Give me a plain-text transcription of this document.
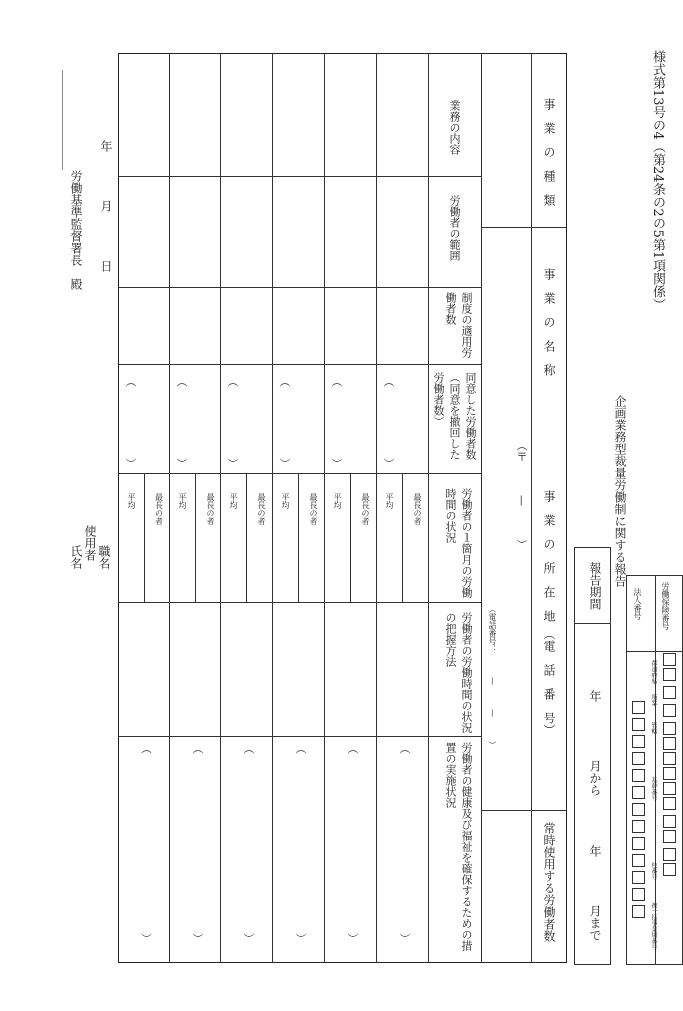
様式第13号の4（第24条の2の5第1項関係）
企画業務型裁量労働制に関する報告
労働保険番号
法人番号
都道府県
所掌
管轄
基幹番号
枝番号
被一括事業場番号
報告期間
年
月から
年
月まで
事　業　の　種　類
事　業　の　名　称
事　業　の　所　在　地　（電　話　番　号）
常時使用する労働者数
（〒　　　—　　　）
（電話番号：　　　—　　　—　　　）
業務の内容
労働者の範囲
制度の適用労働者数
同意した労働者数（同意を撤回した労働者数）
労働者の１箇月の労働時間の状況
労働者の労働時間の状況の把握方法
労働者の健康及び福祉を確保するための措置の実施状況
（
）
最長の者
平均
（
）
（
）
最長の者
平均
（
）
（
）
最長の者
平均
（
）
（
）
最長の者
平均
（
）
（
）
最長の者
平均
（
）
（
）
最長の者
平均
（
）
年
月
日
労働基準監督署長　殿
職名
使用者
氏名
